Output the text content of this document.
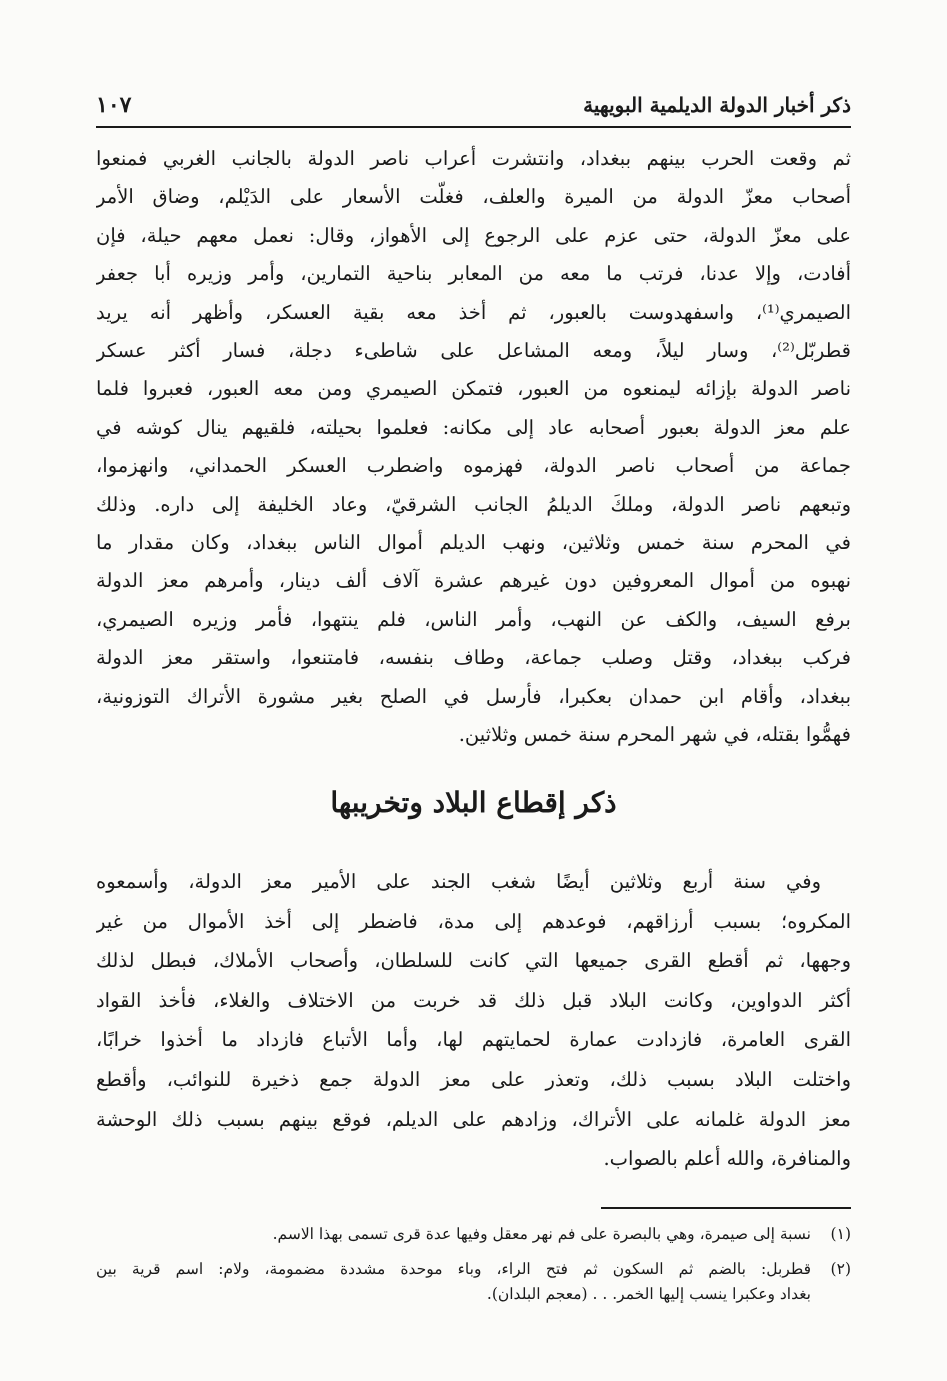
ذكر أخبار الدولة الديلمية البويهية
١٠٧
ثم وقعت الحرب بينهم ببغداد، وانتشرت أعراب ناصر الدولة بالجانب الغربي فمنعوا
أصحاب معزّ الدولة من الميرة والعلف، فغلّت الأسعار على الدَيْلم، وضاق الأمر
على معزّ الدولة، حتى عزم على الرجوع إلى الأهواز، وقال: نعمل معهم حيلة، فإن
أفادت، وإلا عدنا، فرتب ما معه من المعابر بناحية التمارين، وأمر وزيره أبا جعفر
الصيمري⁽¹⁾، واسفهدوست بالعبور، ثم أخذ معه بقية العسكر، وأظهر أنه يريد
قطربّل⁽²⁾، وسار ليلاً، ومعه المشاعل على شاطىء دجلة، فسار أكثر عسكر
ناصر الدولة بإزائه ليمنعوه من العبور، فتمكن الصيمري ومن معه العبور، فعبروا فلما
علم معز الدولة بعبور أصحابه عاد إلى مكانه: فعلموا بحيلته، فلقيهم ينال كوشه في
جماعة من أصحاب ناصر الدولة، فهزموه واضطرب العسكر الحمداني، وانهزموا،
وتبعهم ناصر الدولة، وملكَ الديلمُ الجانب الشرقيّ، وعاد الخليفة إلى داره. وذلك
في المحرم سنة خمس وثلاثين، ونهب الديلم أموال الناس ببغداد، وكان مقدار ما
نهبوه من أموال المعروفين دون غيرهم عشرة آلاف ألف دينار، وأمرهم معز الدولة
برفع السيف، والكف عن النهب، وأمر الناس، فلم ينتهوا، فأمر وزيره الصيمري،
فركب ببغداد، وقتل وصلب جماعة، وطاف بنفسه، فامتنعوا، واستقر معز الدولة
ببغداد، وأقام ابن حمدان بعكبرا، فأرسل في الصلح بغير مشورة الأتراك التوزونية،
فهمُّوا بقتله، في شهر المحرم سنة خمس وثلاثين.
ذكر إقطاع البلاد وتخريبها
وفي سنة أربع وثلاثين أيضًا شغب الجند على الأمير معز الدولة، وأسمعوه
المكروه؛ بسبب أرزاقهم، فوعدهم إلى مدة، فاضطر إلى أخذ الأموال من غير
وجهها، ثم أقطع القرى جميعها التي كانت للسلطان، وأصحاب الأملاك، فبطل لذلك
أكثر الدواوين، وكانت البلاد قبل ذلك قد خربت من الاختلاف والغلاء، فأخذ القواد
القرى العامرة، فازدادت عمارة لحمايتهم لها، وأما الأتباع فازداد ما أخذوا خرابًا،
واختلت البلاد بسبب ذلك، وتعذر على معز الدولة جمع ذخيرة للنوائب، وأقطع
معز الدولة غلمانه على الأتراك، وزادهم على الديلم، فوقع بينهم بسبب ذلك الوحشة
والمنافرة، والله أعلم بالصواب.
(١)
نسبة إلى صيمرة، وهي بالبصرة على فم نهر معقل وفيها عدة قرى تسمى بهذا الاسم.
(٢)
قطربل: بالضم ثم السكون ثم فتح الراء، وباء موحدة مشددة مضمومة، ولام: اسم قرية بين
بغداد وعكبرا ينسب إليها الخمر. . . (معجم البلدان).
